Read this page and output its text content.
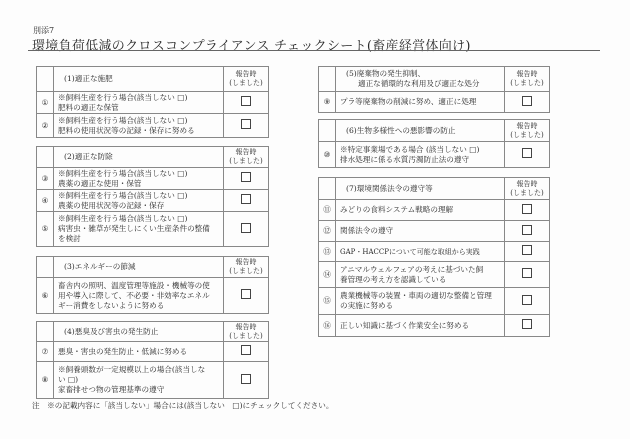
別添7
環境負荷低減のクロスコンプライアンス チェックシート(畜産経営体向け)
	(1)適正な施肥	報告時
(しました)
①	※飼料生産を行う場合(該当しない □)
肥料の適正な保管	
②	※飼料生産を行う場合(該当しない □)
肥料の使用状況等の記録・保存に努める	
	(2)適正な防除	報告時
(しました)
③	※飼料生産を行う場合(該当しない □)
農薬の適正な使用・保管	
④	※飼料生産を行う場合(該当しない □)
農薬の使用状況等の記録・保存	
⑤	※飼料生産を行う場合(該当しない □)
病害虫・雑草が発生しにくい生産条件の整備
を検討	
	(3)エネルギーの節減	報告時
(しました)
⑥	畜舎内の照明、温度管理等施設・機械等の使
用や導入に際して、不必要・非効率なエネル
ギー消費をしないように努める	
	(4)悪臭及び害虫の発生防止	報告時
(しました)
⑦	悪臭・害虫の発生防止・低減に努める	
⑧	※飼養頭数が一定規模以上の場合(該当しな
い □)
家畜排せつ物の管理基準の遵守	
注　※の記載内容に「該当しない」場合には(該当しない　□)にチェックしてください。
	(5)廃棄物の発生抑制、

適正な循環的な利用及び適正な処分	報告時
(しました)
⑨	プラ等廃棄物の削減に努め、適正に処理	
	(6)生物多様性への悪影響の防止	報告時
(しました)
⑩	※特定事業場である場合 (該当しない □)
排水処理に係る水質汚濁防止法の遵守	
	(7)環境関係法令の遵守等	報告時
(しました)
⑪	みどりの食料システム戦略の理解	
⑫	関係法令の遵守	
⑬	GAP・HACCPについて可能な取組から実践	
⑭	アニマルウェルフェアの考えに基づいた飼
養管理の考え方を認識している	
⑮	農業機械等の装置・車両の適切な整備と管理
の実施に努める	
⑯	正しい知識に基づく作業安全に努める	
